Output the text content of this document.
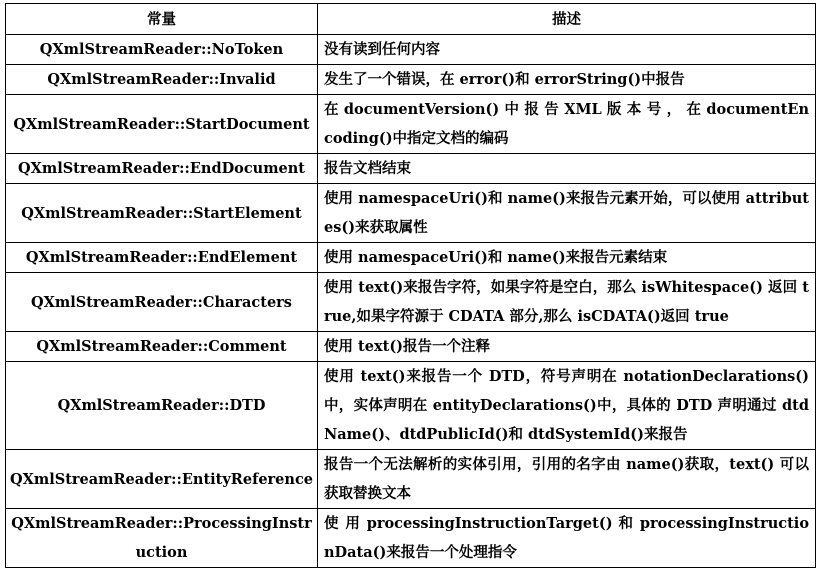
常量	描述
QXmlStreamReader::NoToken	没有读到任何内容
QXmlStreamReader::Invalid	发生了一个错误，在 error()和 errorString()中报告
QXmlStreamReader::StartDocument	在 documentVersion() 中 报 告 XML 版 本 号 ， 在 documentEncoding()中指定文档的编码
QXmlStreamReader::EndDocument	报告文档结束
QXmlStreamReader::StartElement	使用 namespaceUri()和 name()来报告元素开始，可以使用 attributes()来获取属性
QXmlStreamReader::EndElement	使用 namespaceUri()和 name()来报告元素结束
QXmlStreamReader::Characters	使用 text()来报告字符，如果字符是空白，那么 isWhitespace() 返回 true,如果字符源于 CDATA 部分,那么 isCDATA()返回 true
QXmlStreamReader::Comment	使用 text()报告一个注释
QXmlStreamReader::DTD	使用 text()来报告一个 DTD，符号声明在 notationDeclarations() 中，实体声明在 entityDeclarations()中，具体的 DTD 声明通过 dtdName()、dtdPublicId()和 dtdSystemId()来报告
QXmlStreamReader::EntityReference	报告一个无法解析的实体引用，引用的名字由 name()获取，text() 可以获取替换文本
QXmlStreamReader::ProcessingInstruction	使 用 processingInstructionTarget() 和 processingInstructionData()来报告一个处理指令
